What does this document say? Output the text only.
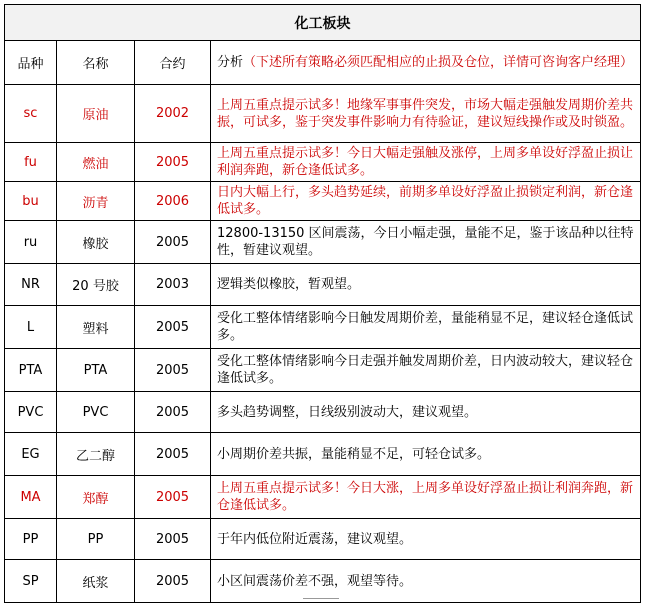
化工板块			
品种	名称	合约	分析（下述所有策略必须匹配相应的止损及仓位，详情可咨询客户经理）
sc	原油	2002	上周五重点提示试多！地缘军事事件突发，市场大幅走强触发周期价差共振，可试多，鉴于突发事件影响力有待验证，建议短线操作或及时锁盈。
fu	燃油	2005	上周五重点提示试多！今日大幅走强触及涨停，上周多单设好浮盈止损让利润奔跑，新仓逢低试多。
bu	沥青	2006	日内大幅上行，多头趋势延续，前期多单设好浮盈止损锁定利润，新仓逢低试多。
ru	橡胶	2005	12800-13150 区间震荡，今日小幅走强，量能不足，鉴于该品种以往特性，暂建议观望。
NR	20 号胶	2003	逻辑类似橡胶，暂观望。
L	塑料	2005	受化工整体情绪影响今日触发周期价差，量能稍显不足，建议轻仓逢低试多。
PTA	PTA	2005	受化工整体情绪影响今日走强并触发周期价差，日内波动较大，建议轻仓逢低试多。
PVC	PVC	2005	多头趋势调整，日线级别波动大，建议观望。
EG	乙二醇	2005	小周期价差共振，量能稍显不足，可轻仓试多。
MA	郑醇	2005	上周五重点提示试多！今日大涨，上周多单设好浮盈止损让利润奔跑，新仓逢低试多。
PP	PP	2005	于年内低位附近震荡，建议观望。
SP	纸浆	2005	小区间震荡价差不强，观望等待。
